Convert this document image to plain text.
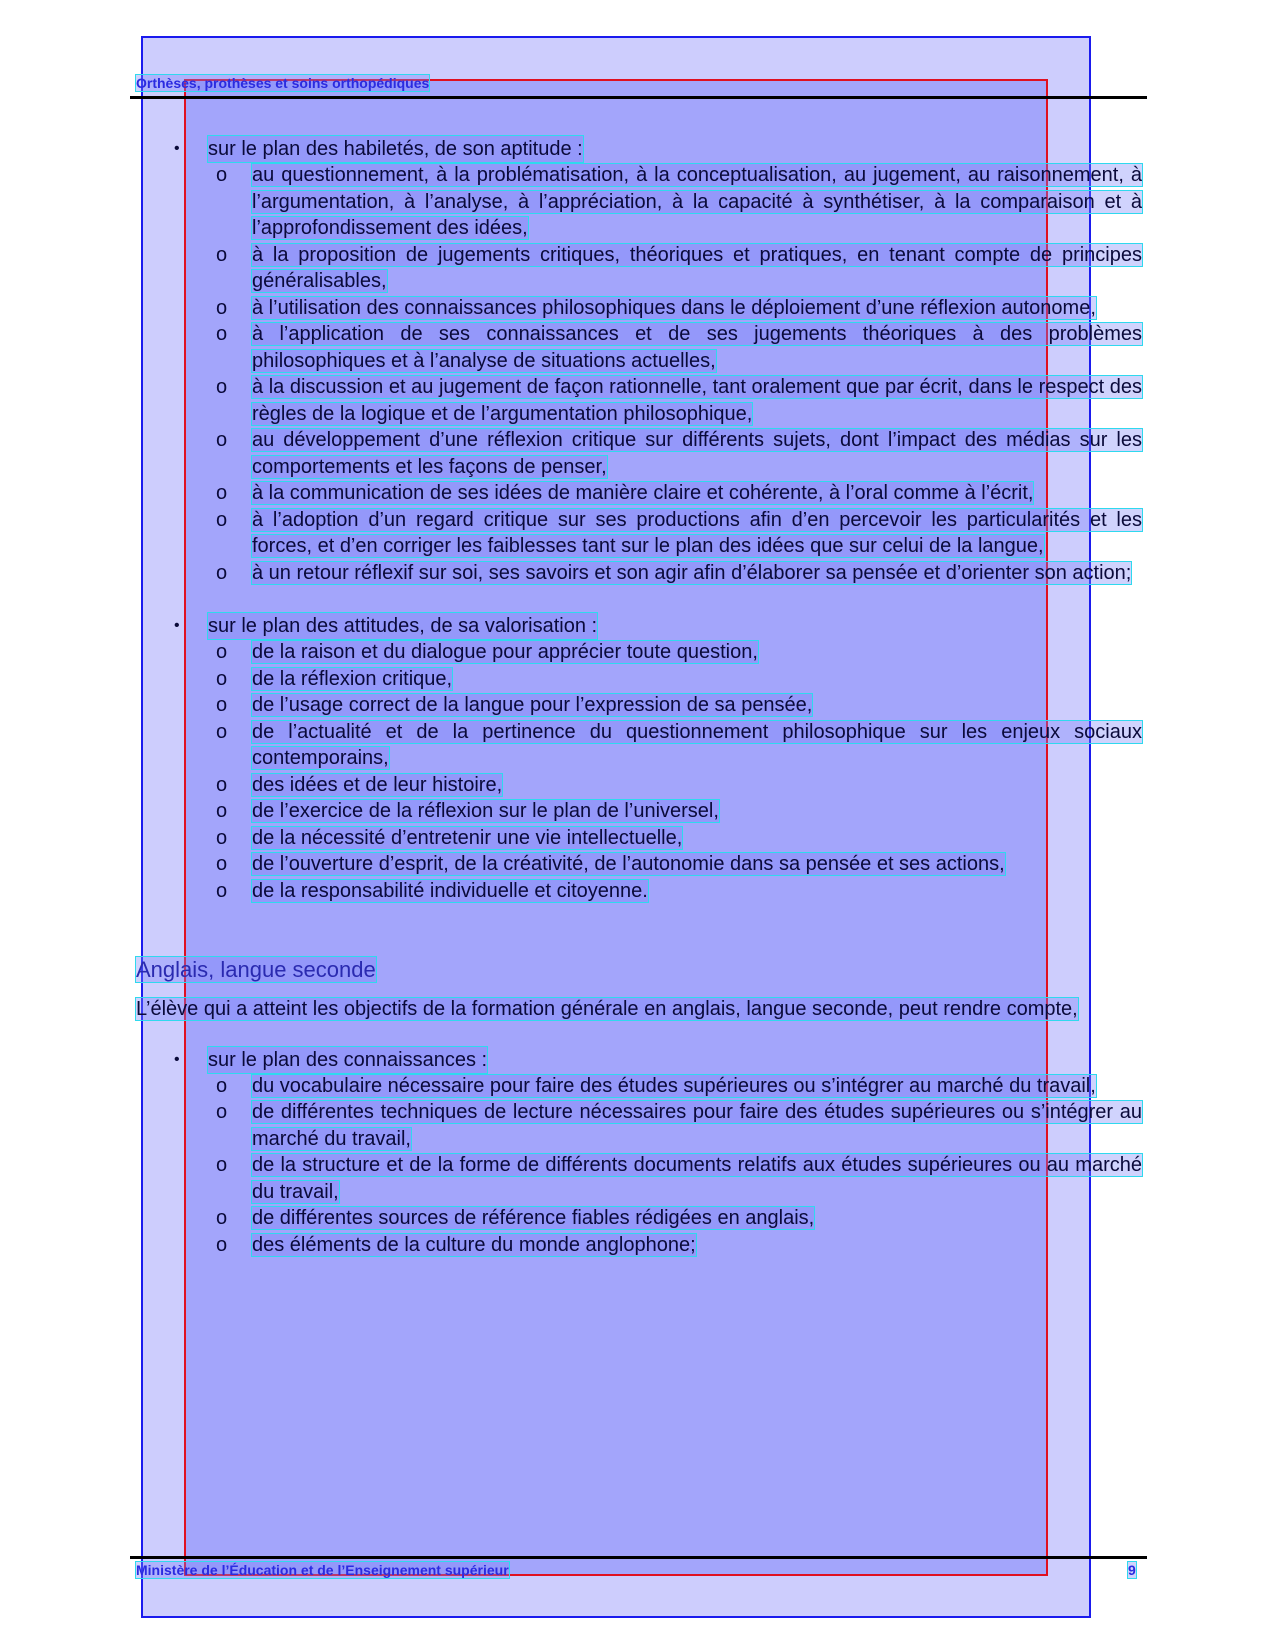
Orthèses, prothèses et soins orthopédiques
• sur le plan des habiletés, de son aptitude :
o au questionnement, à la problématisation, à la conceptualisation, au jugement, au raisonnement, à l’argumentation, à l’analyse, à l’appréciation, à la capacité à synthétiser, à la comparaison et à l’approfondissement des idées,
o à la proposition de jugements critiques, théoriques et pratiques, en tenant compte de principes généralisables,
o à l’utilisation des connaissances philosophiques dans le déploiement d’une réflexion autonome,
o à l’application de ses connaissances et de ses jugements théoriques à des problèmes philosophiques et à l’analyse de situations actuelles,
o à la discussion et au jugement de façon rationnelle, tant oralement que par écrit, dans le respect des règles de la logique et de l’argumentation philosophique,
o au développement d’une réflexion critique sur différents sujets, dont l’impact des médias sur les comportements et les façons de penser,
o à la communication de ses idées de manière claire et cohérente, à l’oral comme à l’écrit,
o à l’adoption d’un regard critique sur ses productions afin d’en percevoir les particularités et les forces, et d’en corriger les faiblesses tant sur le plan des idées que sur celui de la langue,
o à un retour réflexif sur soi, ses savoirs et son agir afin d’élaborer sa pensée et d’orienter son action;
• sur le plan des attitudes, de sa valorisation :
o de la raison et du dialogue pour apprécier toute question,
o de la réflexion critique,
o de l’usage correct de la langue pour l’expression de sa pensée,
o de l’actualité et de la pertinence du questionnement philosophique sur les enjeux sociaux contemporains,
o des idées et de leur histoire,
o de l’exercice de la réflexion sur le plan de l’universel,
o de la nécessité d’entretenir une vie intellectuelle,
o de l’ouverture d’esprit, de la créativité, de l’autonomie dans sa pensée et ses actions,
o de la responsabilité individuelle et citoyenne.

Anglais, langue seconde

L’élève qui a atteint les objectifs de la formation générale en anglais, langue seconde, peut rendre compte,

• sur le plan des connaissances :
o du vocabulaire nécessaire pour faire des études supérieures ou s’intégrer au marché du travail,
o de différentes techniques de lecture nécessaires pour faire des études supérieures ou s’intégrer au marché du travail,
o de la structure et de la forme de différents documents relatifs aux études supérieures ou au marché du travail,
o de différentes sources de référence fiables rédigées en anglais,
o des éléments de la culture du monde anglophone;
Ministère de l’Éducation et de l’Enseignement supérieur	9
